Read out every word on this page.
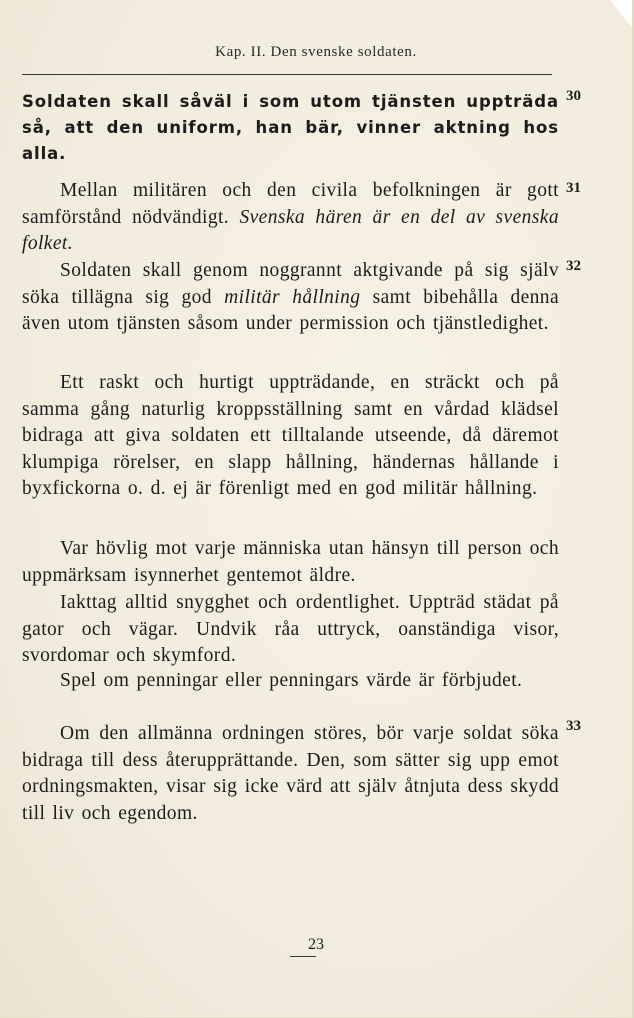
Kap. II. Den svenske soldaten.

Soldaten skall såväl i som utom tjänsten uppträda så, att den uniform, han bär, vinner aktning hos alla.

30

Mellan militären och den civila befolkningen är gott samförstånd nödvändigt. Svenska hären är en del av svenska folket.

31

Soldaten skall genom noggrannt aktgivande på sig själv söka tillägna sig god militär hållning samt bibehålla denna även utom tjänsten såsom under permission och tjänstledighet.

32

Ett raskt och hurtigt uppträdande, en sträckt och på samma gång naturlig kroppsställning samt en vårdad klädsel bidraga att giva soldaten ett tilltalande utseende, då däremot klumpiga rörelser, en slapp hållning, händernas hållande i byxfickorna o. d. ej är förenligt med en god militär hållning.

Var hövlig mot varje människa utan hänsyn till person och uppmärksam isynnerhet gentemot äldre.

Iakttag alltid snygghet och ordentlighet. Uppträd städat på gator och vägar. Undvik råa uttryck, oanständiga visor, svordomar och skymford.

Spel om penningar eller penningars värde är förbjudet.

Om den allmänna ordningen störes, bör varje soldat söka bidraga till dess återupprättande. Den, som sätter sig upp emot ordningsmakten, visar sig icke värd att själv åtnjuta dess skydd till liv och egendom.

33
23
